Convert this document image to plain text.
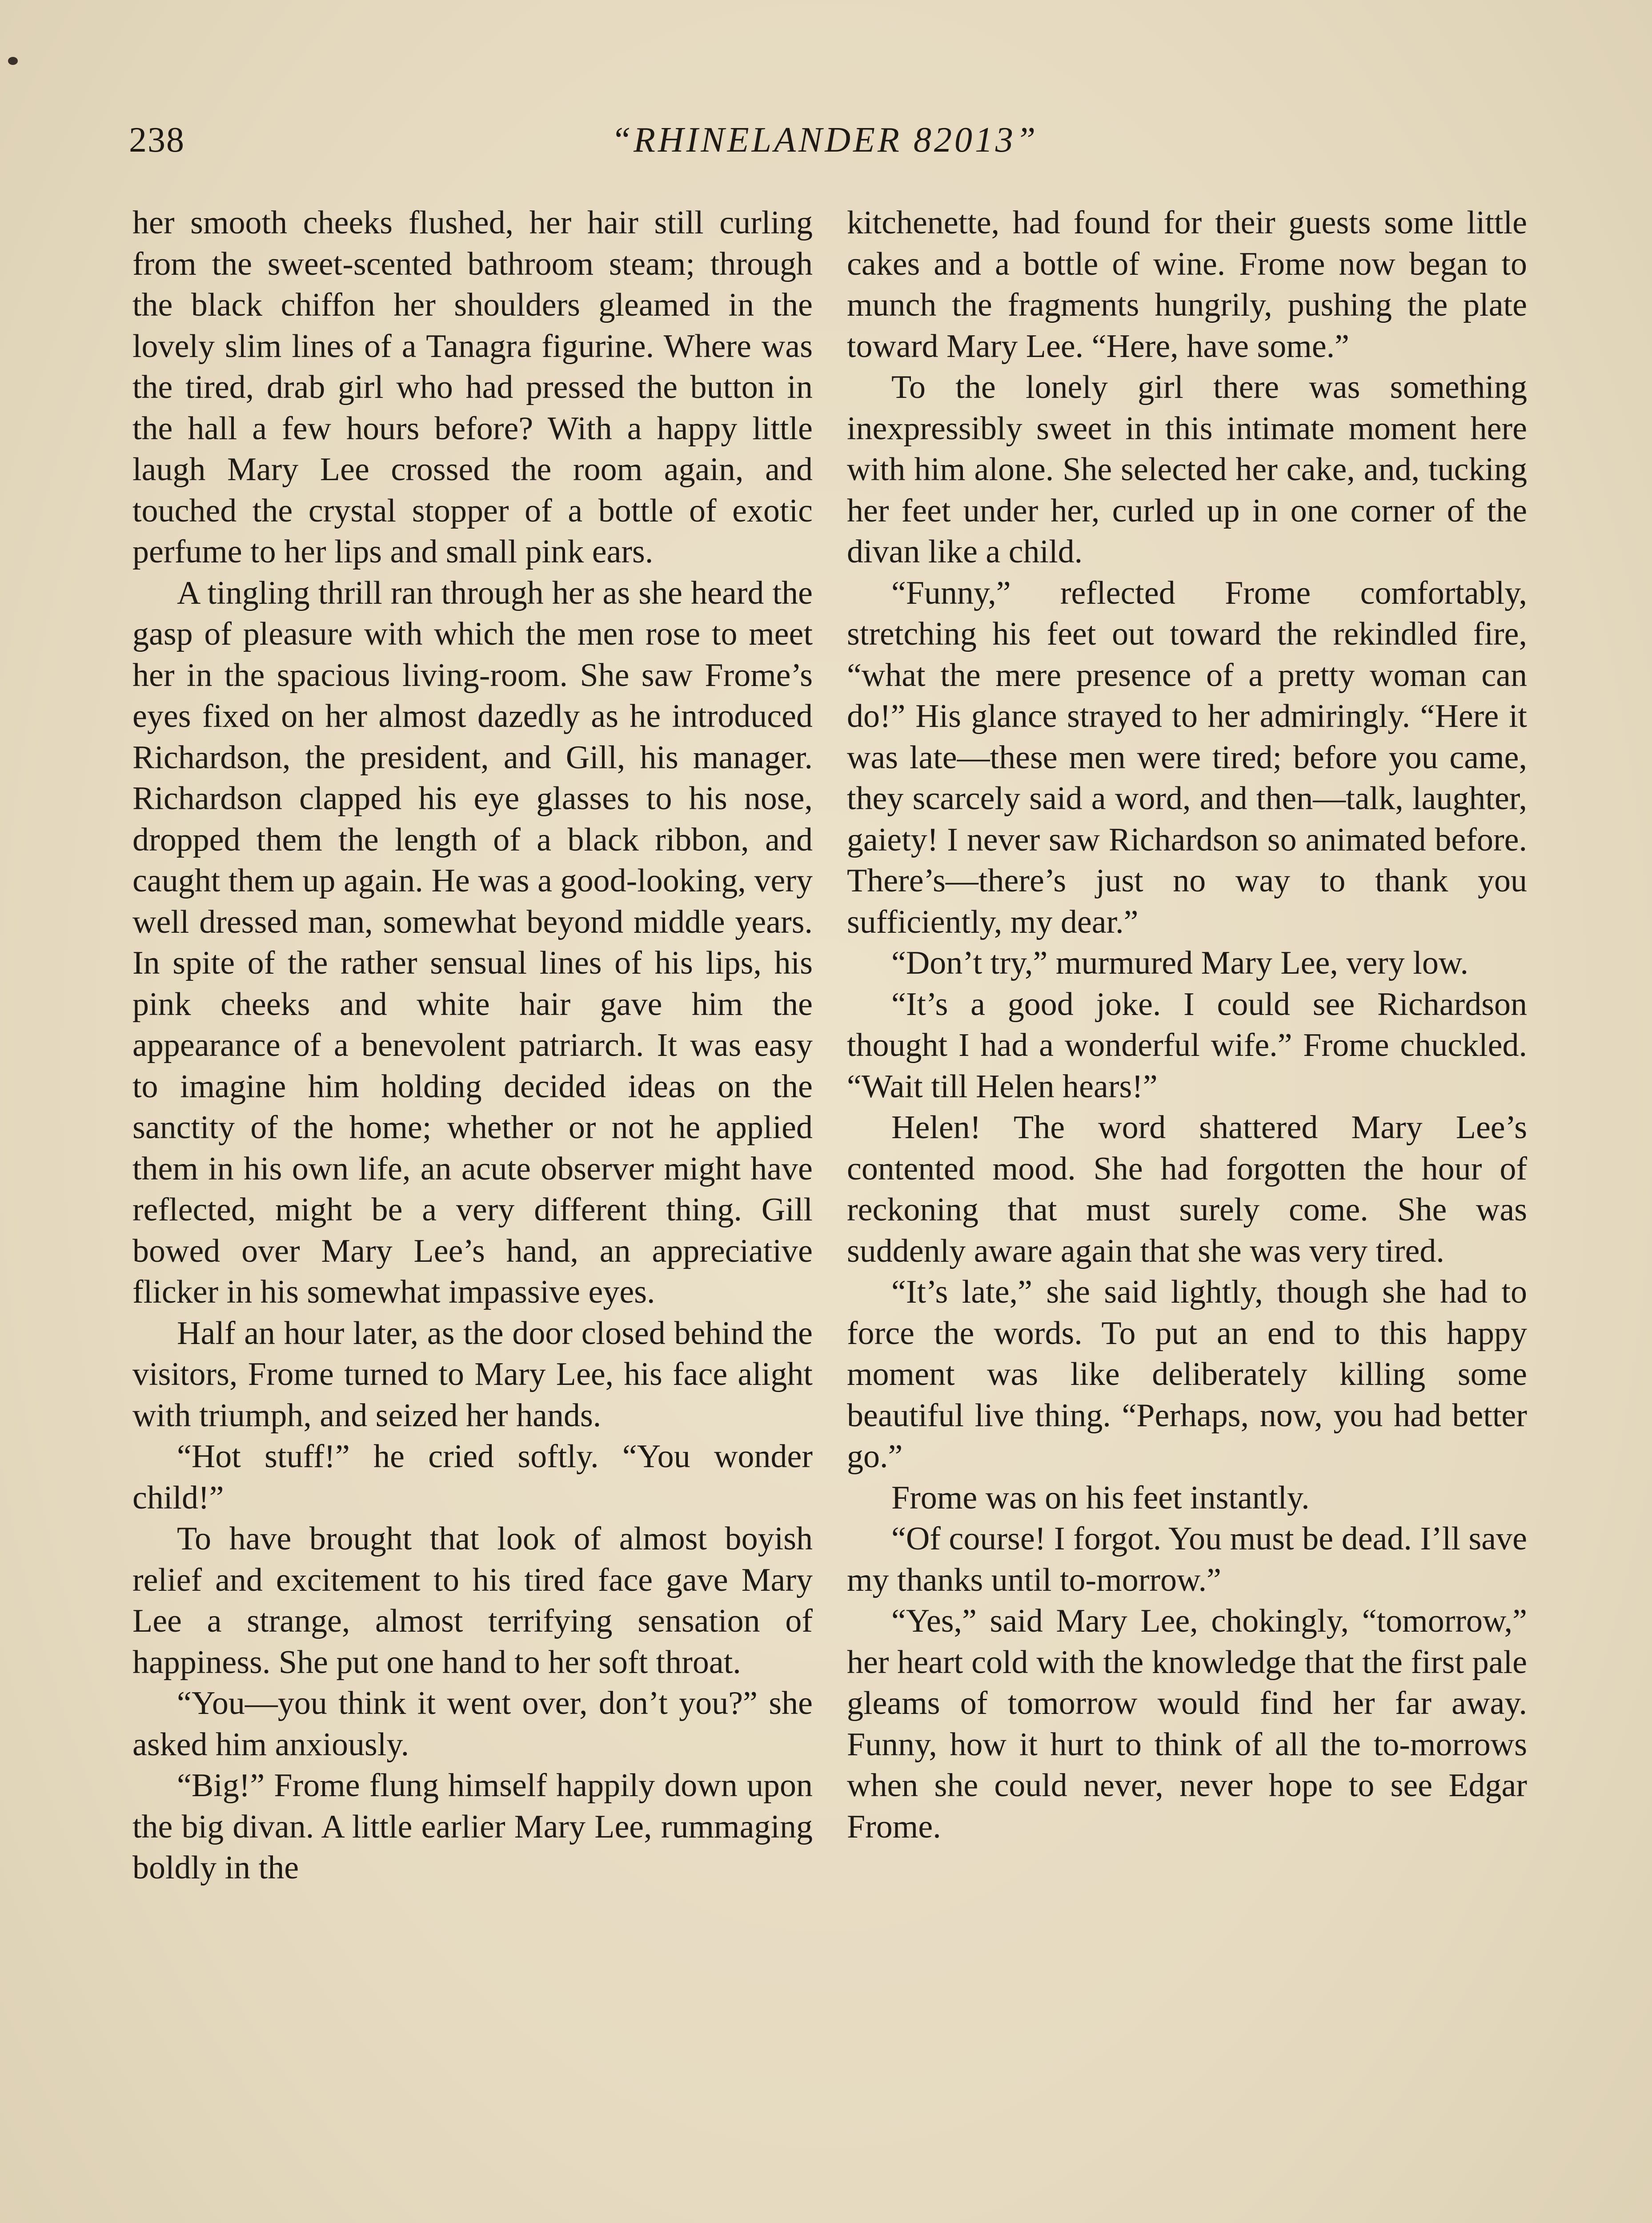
238	“RHINELANDER 82013”

her smooth cheeks flushed, her hair still curling from the sweet-scented bathroom steam; through the black chiffon her shoulders gleamed in the lovely slim lines of a Tanagra figurine. Where was the tired, drab girl who had pressed the button in the hall a few hours before? With a happy little laugh Mary Lee crossed the room again, and touched the crystal stopper of a bottle of exotic perfume to her lips and small pink ears.

A tingling thrill ran through her as she heard the gasp of pleasure with which the men rose to meet her in the spacious living-room. She saw Frome’s eyes fixed on her almost dazedly as he introduced Richardson, the president, and Gill, his manager. Richardson clapped his eye glasses to his nose, dropped them the length of a black ribbon, and caught them up again. He was a good-looking, very well dressed man, somewhat beyond middle years. In spite of the rather sensual lines of his lips, his pink cheeks and white hair gave him the appearance of a benevolent patriarch. It was easy to imagine him holding decided ideas on the sanctity of the home; whether or not he applied them in his own life, an acute observer might have reflected, might be a very different thing. Gill bowed over Mary Lee’s hand, an appreciative flicker in his somewhat impassive eyes.

Half an hour later, as the door closed behind the visitors, Frome turned to Mary Lee, his face alight with triumph, and seized her hands.

“Hot stuff!” he cried softly. “You wonder child!”

To have brought that look of almost boyish relief and excitement to his tired face gave Mary Lee a strange, almost terrifying sensation of happiness. She put one hand to her soft throat.

“You—you think it went over, don’t you?” she asked him anxiously.

“Big!” Frome flung himself happily down upon the big divan. A little earlier Mary Lee, rummaging boldly in the

kitchenette, had found for their guests some little cakes and a bottle of wine. Frome now began to munch the fragments hungrily, pushing the plate toward Mary Lee. “Here, have some.”

To the lonely girl there was something inexpressibly sweet in this intimate moment here with him alone. She selected her cake, and, tucking her feet under her, curled up in one corner of the divan like a child.

“Funny,” reflected Frome comfortably, stretching his feet out toward the rekindled fire, “what the mere presence of a pretty woman can do!” His glance strayed to her admiringly. “Here it was late—these men were tired; before you came, they scarcely said a word, and then—talk, laughter, gaiety! I never saw Richardson so animated before. There’s—there’s just no way to thank you sufficiently, my dear.”

“Don’t try,” murmured Mary Lee, very low.

“It’s a good joke. I could see Richardson thought I had a wonderful wife.” Frome chuckled. “Wait till Helen hears!”

Helen! The word shattered Mary Lee’s contented mood. She had forgotten the hour of reckoning that must surely come. She was suddenly aware again that she was very tired.

“It’s late,” she said lightly, though she had to force the words. To put an end to this happy moment was like deliberately killing some beautiful live thing. “Perhaps, now, you had better go.”

Frome was on his feet instantly.

“Of course! I forgot. You must be dead. I’ll save my thanks until to-morrow.”

“Yes,” said Mary Lee, chokingly, “tomorrow,” her heart cold with the knowledge that the first pale gleams of tomorrow would find her far away. Funny, how it hurt to think of all the to-morrows when she could never, never hope to see Edgar Frome.
